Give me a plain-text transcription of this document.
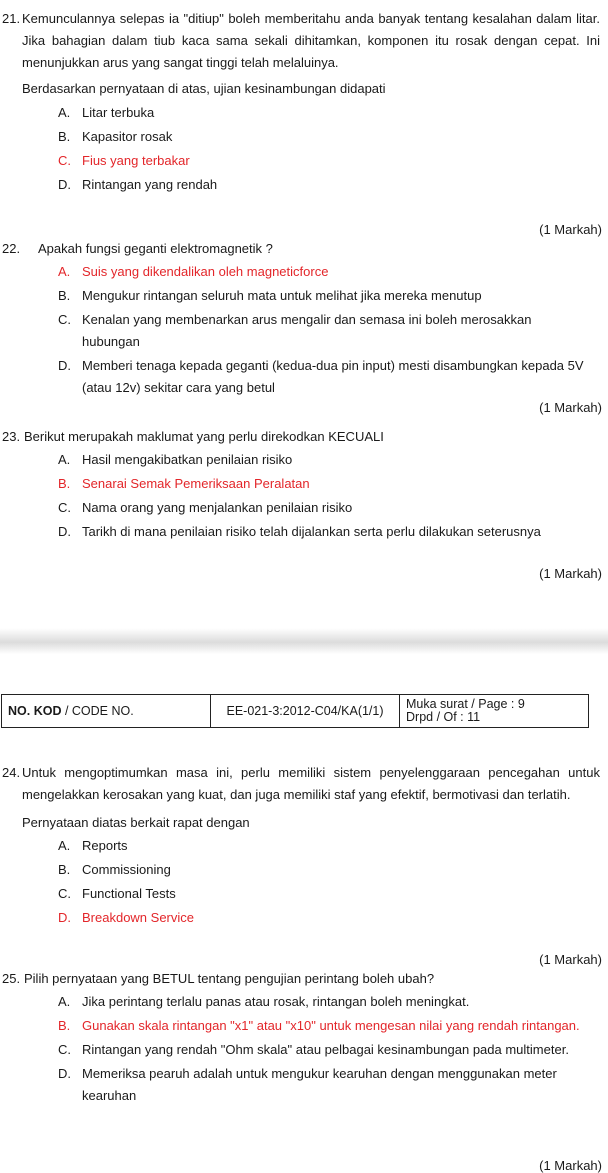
21. Kemunculannya selepas ia "ditiup" boleh memberitahu anda banyak tentang kesalahan dalam litar. Jika bahagian dalam tiub kaca sama sekali dihitamkan, komponen itu rosak dengan cepat. Ini menunjukkan arus yang sangat tinggi telah melaluinya.
Berdasarkan pernyataan di atas, ujian kesinambungan didapati
A. Litar terbuka
B. Kapasitor rosak
C. Fius yang terbakar
D. Rintangan yang rendah
(1 Markah)
22.	Apakah fungsi geganti elektromagnetik ?
A. Suis yang dikendalikan oleh magneticforce
B. Mengukur rintangan seluruh mata untuk melihat jika mereka menutup
C. Kenalan yang membenarkan arus mengalir dan semasa ini boleh merosakkan hubungan
D. Memberi tenaga kepada geganti (kedua-dua pin input) mesti disambungkan kepada 5V (atau 12v) sekitar cara yang betul
(1 Markah)
23. Berikut merupakah maklumat yang perlu direkodkan KECUALI
A. Hasil mengakibatkan penilaian risiko
B. Senarai Semak Pemeriksaan Peralatan
C. Nama orang yang menjalankan penilaian risiko
D. Tarikh di mana penilaian risiko telah dijalankan serta perlu dilakukan seterusnya
(1 Markah)
NO. KOD / CODE NO.	EE-021-3:2012-C04/KA(1/1)	Muka surat / Page : 9
Drpd / Of : 11
24. Untuk mengoptimumkan masa ini, perlu memiliki sistem penyelenggaraan pencegahan untuk mengelakkan kerosakan yang kuat, dan juga memiliki staf yang efektif, bermotivasi dan terlatih.
Pernyataan diatas berkait rapat dengan
A. Reports
B. Commissioning
C. Functional Tests
D. Breakdown Service
(1 Markah)
25. Pilih pernyataan yang BETUL tentang pengujian perintang boleh ubah?
A. Jika perintang terlalu panas atau rosak, rintangan boleh meningkat.
B. Gunakan skala rintangan "x1" atau "x10" untuk mengesan nilai yang rendah rintangan.
C. Rintangan yang rendah "Ohm skala" atau pelbagai kesinambungan pada multimeter.
D. Memeriksa pearuh adalah untuk mengukur kearuhan dengan menggunakan meter kearuhan
(1 Markah)
